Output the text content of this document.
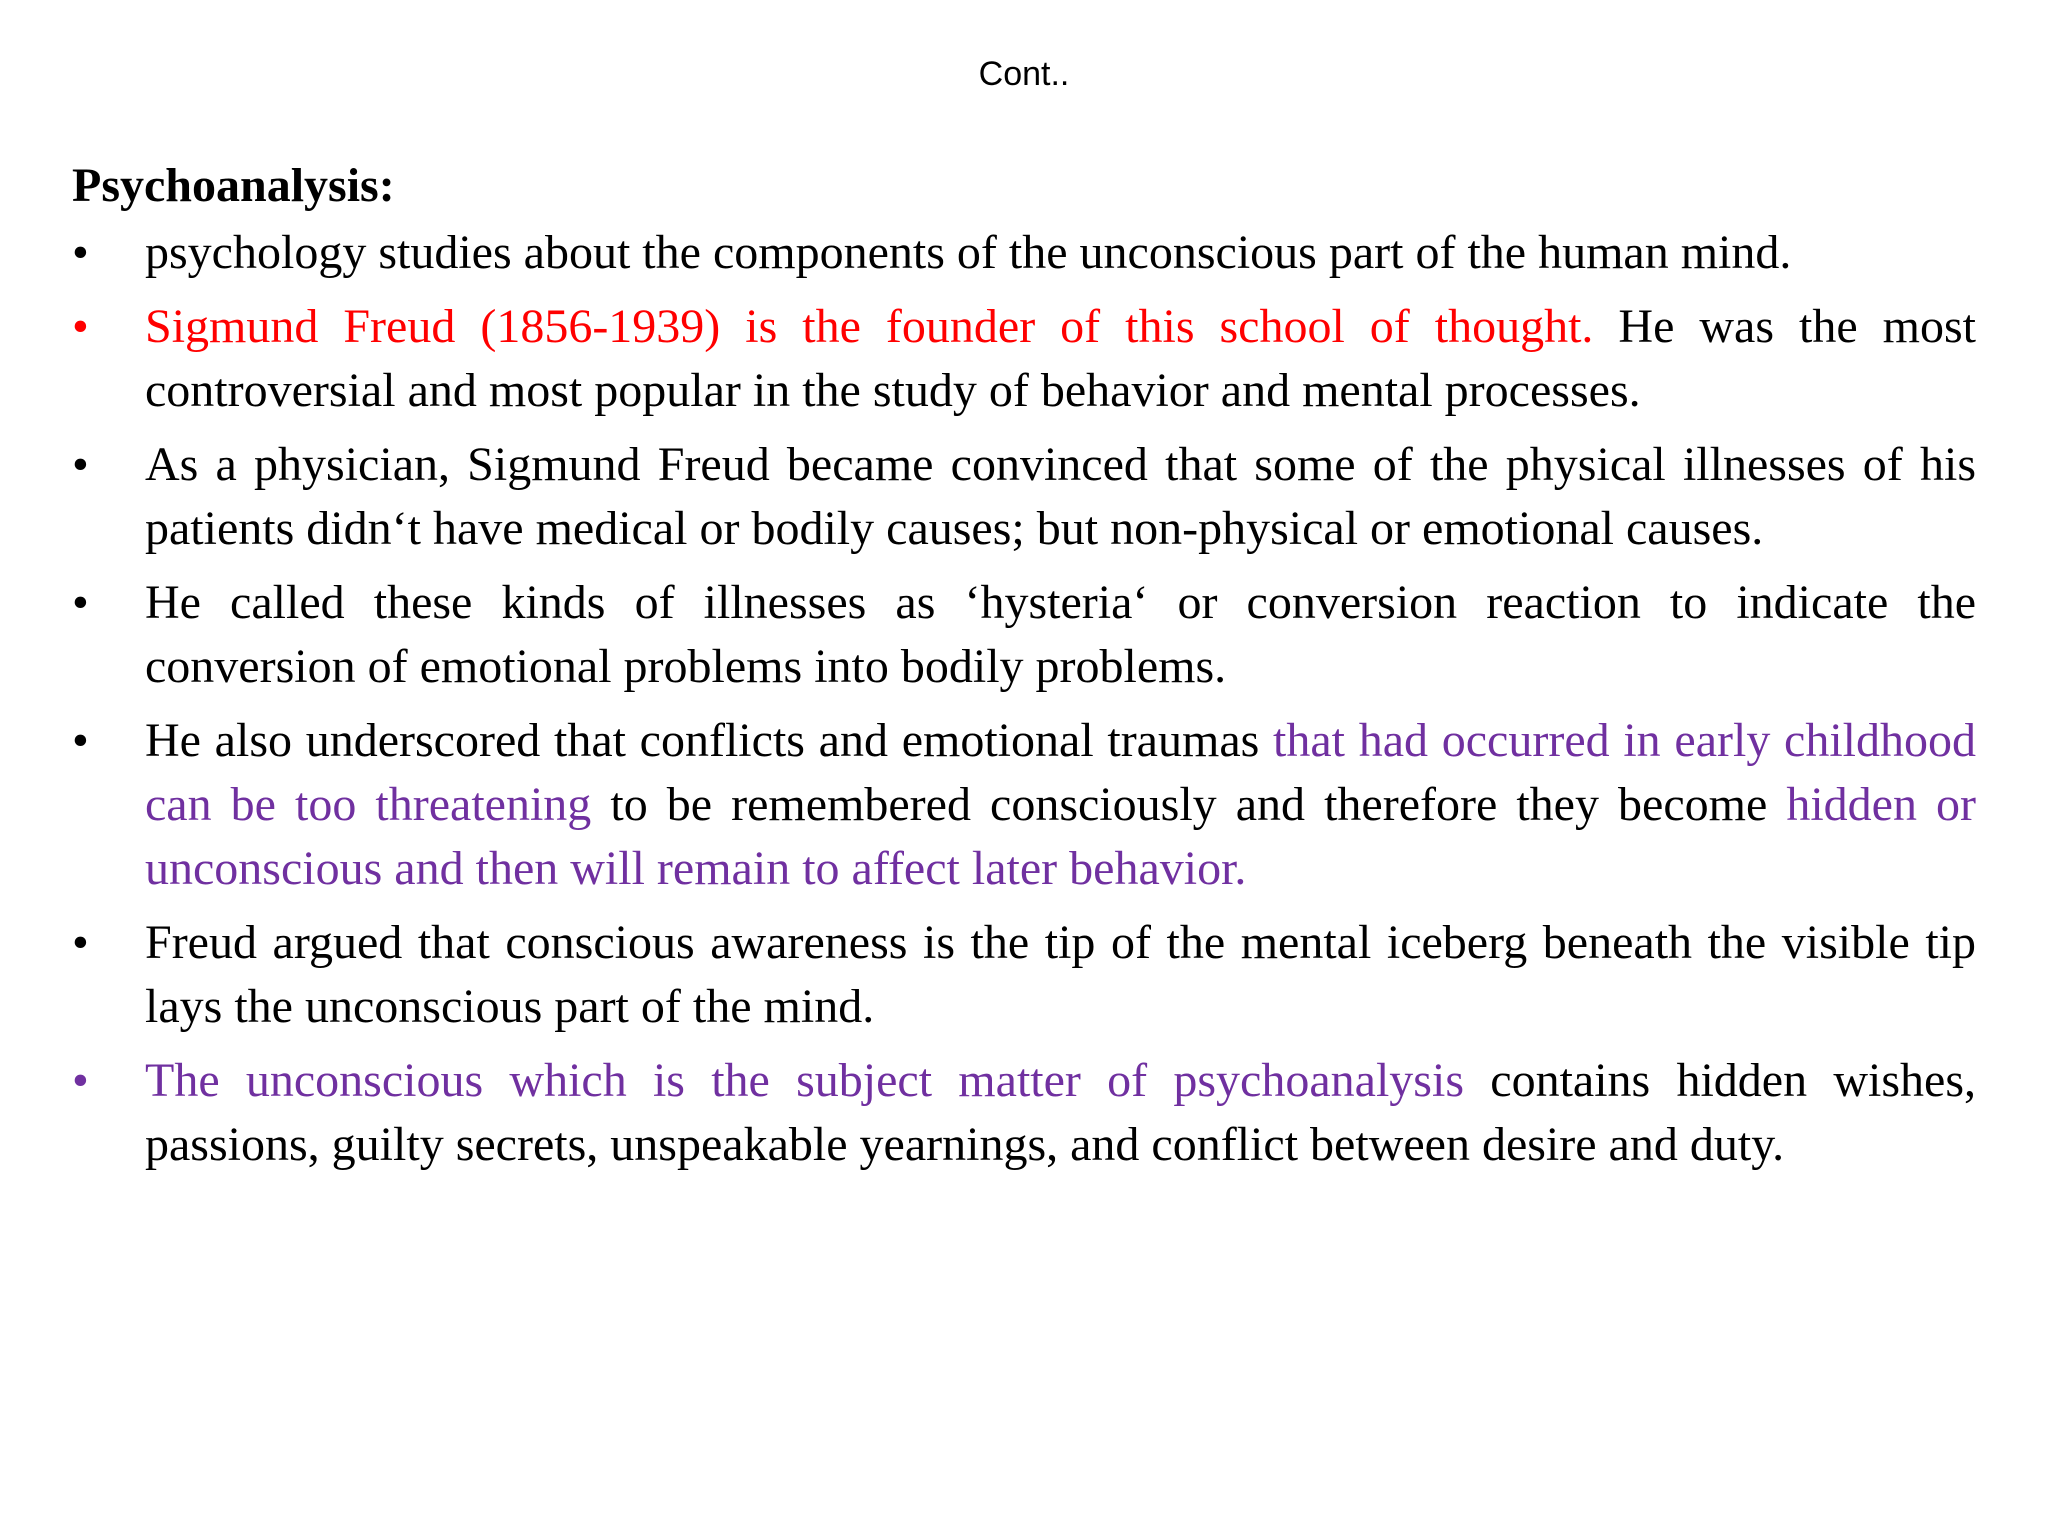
Cont..
Psychoanalysis:
•	psychology studies about the components of the unconscious part of the human mind.
•	Sigmund Freud (1856-1939) is the founder of this school of thought. He was the most controversial and most popular in the study of behavior and mental processes.
•	As a physician, Sigmund Freud became convinced that some of the physical illnesses of his patients didn‘t have medical or bodily causes; but non-physical or emotional causes.
•	He called these kinds of illnesses as ‘hysteria‘ or conversion reaction to indicate the conversion of emotional problems into bodily problems.
•	He also underscored that conflicts and emotional traumas that had occurred in early childhood can be too threatening to be remembered consciously and therefore they become hidden or unconscious and then will remain to affect later behavior.
•	Freud argued that conscious awareness is the tip of the mental iceberg beneath the visible tip lays the unconscious part of the mind.
•	The unconscious which is the subject matter of psychoanalysis contains hidden wishes, passions, guilty secrets, unspeakable yearnings, and conflict between desire and duty.
